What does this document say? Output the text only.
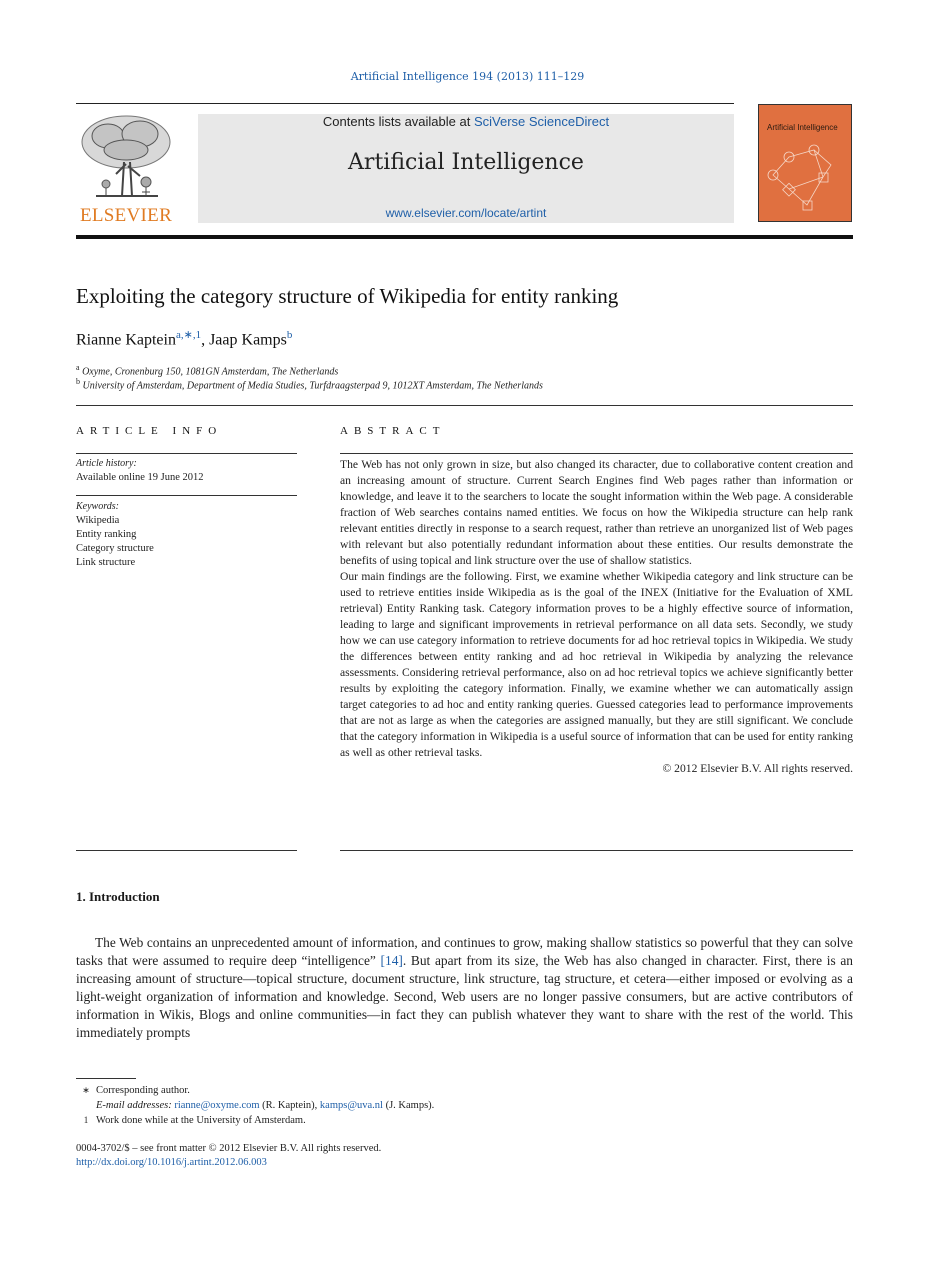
Artificial Intelligence 194 (2013) 111–129
ELSEVIER
Contents lists available at SciVerse ScienceDirect
Artificial Intelligence
www.elsevier.com/locate/artint
Artificial Intelligence
Exploiting the category structure of Wikipedia for entity ranking
Rianne Kaptein$^{a,∗,1}$, Jaap Kamps$^b$
$^a$ Oxyme, Cronenburg 150, 1081GN Amsterdam, The Netherlands
$^b$ University of Amsterdam, Department of Media Studies, Turfdraagsterpad 9, 1012XT Amsterdam, The Netherlands
ARTICLE INFO
Article history:
Available online 19 June 2012
Keywords:
Wikipedia
Entity ranking
Category structure
Link structure
ABSTRACT

The Web has not only grown in size, but also changed its character, due to collaborative content creation and an increasing amount of structure. Current Search Engines find Web pages rather than information or knowledge, and leave it to the searchers to locate the sought information within the Web page. A considerable fraction of Web searches contains named entities. We focus on how the Wikipedia structure can help rank relevant entities directly in response to a search request, rather than retrieve an unorganized list of Web pages with relevant but also potentially redundant information about these entities. Our results demonstrate the benefits of using topical and link structure over the use of shallow statistics.

Our main findings are the following. First, we examine whether Wikipedia category and link structure can be used to retrieve entities inside Wikipedia as is the goal of the INEX (Initiative for the Evaluation of XML retrieval) Entity Ranking task. Category information proves to be a highly effective source of information, leading to large and significant improvements in retrieval performance on all data sets. Secondly, we study how we can use category information to retrieve documents for ad hoc retrieval topics in Wikipedia. We study the differences between entity ranking and ad hoc retrieval in Wikipedia by analyzing the relevance assessments. Considering retrieval performance, also on ad hoc retrieval topics we achieve significantly better results by exploiting the category information. Finally, we examine whether we can automatically assign target categories to ad hoc and entity ranking queries. Guessed categories lead to performance improvements that are not as large as when the categories are assigned manually, but they are still significant. We conclude that the category information in Wikipedia is a useful source of information that can be used for entity ranking as well as other retrieval tasks.

© 2012 Elsevier B.V. All rights reserved.

1. Introduction

The Web contains an unprecedented amount of information, and continues to grow, making shallow statistics so powerful that they can solve tasks that were assumed to require deep “intelligence” [14]. But apart from its size, the Web has also changed in character. First, there is an increasing amount of structure—topical structure, document structure, link structure, tag structure, et cetera—either imposed or evolving as a light-weight organization of information and knowledge. Second, Web users are no longer passive consumers, but are active contributors of information in Wikis, Blogs and online communities—in fact they can publish whatever they want to share with the rest of the world. This immediately prompts

∗ Corresponding author.
E-mail addresses: rianne@oxyme.com (R. Kaptein), kamps@uva.nl (J. Kamps).
1 Work done while at the University of Amsterdam.
0004-3702/$ – see front matter © 2012 Elsevier B.V. All rights reserved.
http://dx.doi.org/10.1016/j.artint.2012.06.003
